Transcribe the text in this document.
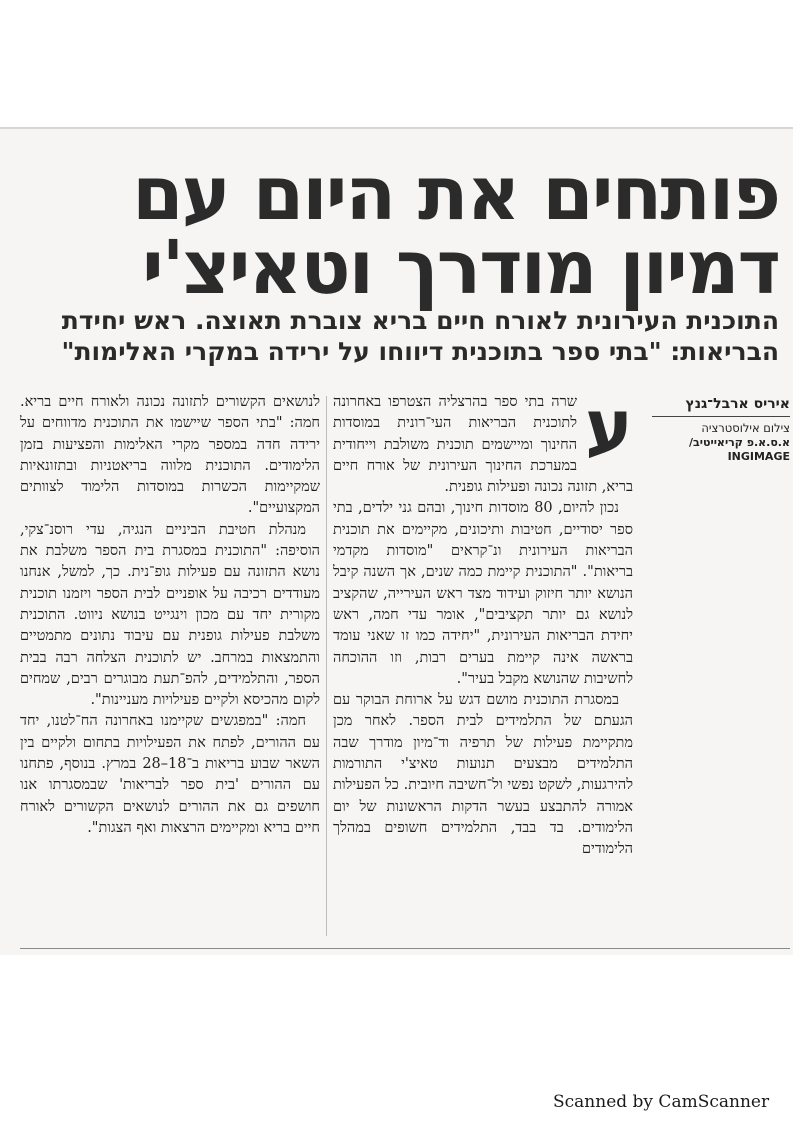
פותחים את היום עם
דמיון מודרך וטאיצ'י

התוכנית העירונית לאורח חיים בריא צוברת תאוצה. ראש יחידת

הבריאות: "בתי ספר בתוכנית דיווחו על ירידה במקרי האלימות"

איריס ארבל־גנץ
צילום אילוסטרציה
א.ס.א.פ קריאייטיב/
INGIMAGE
ע

שרה בתי ספר בהרצליה הצטרפו באחרונה לתוכנית הבריאות העי־רונית במוסדות החינוך ומיישמים תוכנית משולבת וייחודית במערכת החינוך העירונית של אורח חיים בריא, תזונה נכונה ופעילות גופנית.

נכון להיום, 80 מוסדות חינוך, ובהם גני ילדים, בתי ספר יסודיים, חטיבות ותיכונים, מקיימים את תוכנית הבריאות העירונית ונ־קראים "מוסדות מקדמי בריאות". "התוכנית קיימת כמה שנים, אך השנה קיבל הנושא יותר חיזוק ועידוד מצד ראש העירייה, שהקציב לנושא גם יותר תקציבים", אומר עדי חמה, ראש יחידת הבריאות העירונית, "יחידה כמו זו שאני עומד בראשה אינה קיימת בערים רבות, וזו ההוכחה לחשיבות שהנושא מקבל בעיר".

במסגרת התוכנית מושם דגש על ארוחת הבוקר עם הגעתם של התלמידים לבית הספר. לאחר מכן מתקיימת פעילות של תרפיה וד־מיון מודרך שבה התלמידים מבצעים תנועות טאיצ'י התורמות להירגעות, לשקט נפשי ול־חשיבה חיובית. כל הפעילות אמורה להתבצע בעשר הדקות הראשונות של יום הלימודים. בד בבד, התלמידים חשופים במהלך הלימודים

לנושאים הקשורים לתזונה נכונה ולאורח חיים בריא. חמה: "בתי הספר שיישמו את התוכנית מדווחים על ירידה חדה במספר מקרי האלימות והפציעות בזמן הלימודים. התוכנית מלווה בריאטניות ובתזונאיות שמקיימות הכשרות במוסדות הלימוד לצוותים המקצועיים".

מנהלת חטיבת הביניים הנגיה, עדי רוסנ־צקי, הוסיפה: "התוכנית במסגרת בית הספר משלבת את נושא התזונה עם פעילות גופ־נית. כך, למשל, אנחנו מעודדים רכיבה על אופניים לבית הספר ויזמנו תוכנית מקורית יחד עם מכון וינגייט בנושא ניווט. התוכנית משלבת פעילות גופנית עם עיבוד נתונים מתמטיים והתמצאות במרחב. יש לתוכנית הצלחה רבה בבית הספר, והתלמידים, להפ־תעת מבוגרים רבים, שמחים לקום מהכיסא ולקיים פעילויות מעניינות".

חמה: "במפגשים שקיימנו באחרונה הח־לטנו, יחד עם ההורים, לפתח את הפעילויות בתחום ולקיים בין השאר שבוע בריאות ב־18–28 במרץ. בנוסף, פתחנו עם ההורים 'בית ספר לבריאות' שבמסגרתו אנו חושפים גם את ההורים לנושאים הקשורים לאורח חיים בריא ומקיימים הרצאות ואף הצגות".

Scanned by CamScanner
